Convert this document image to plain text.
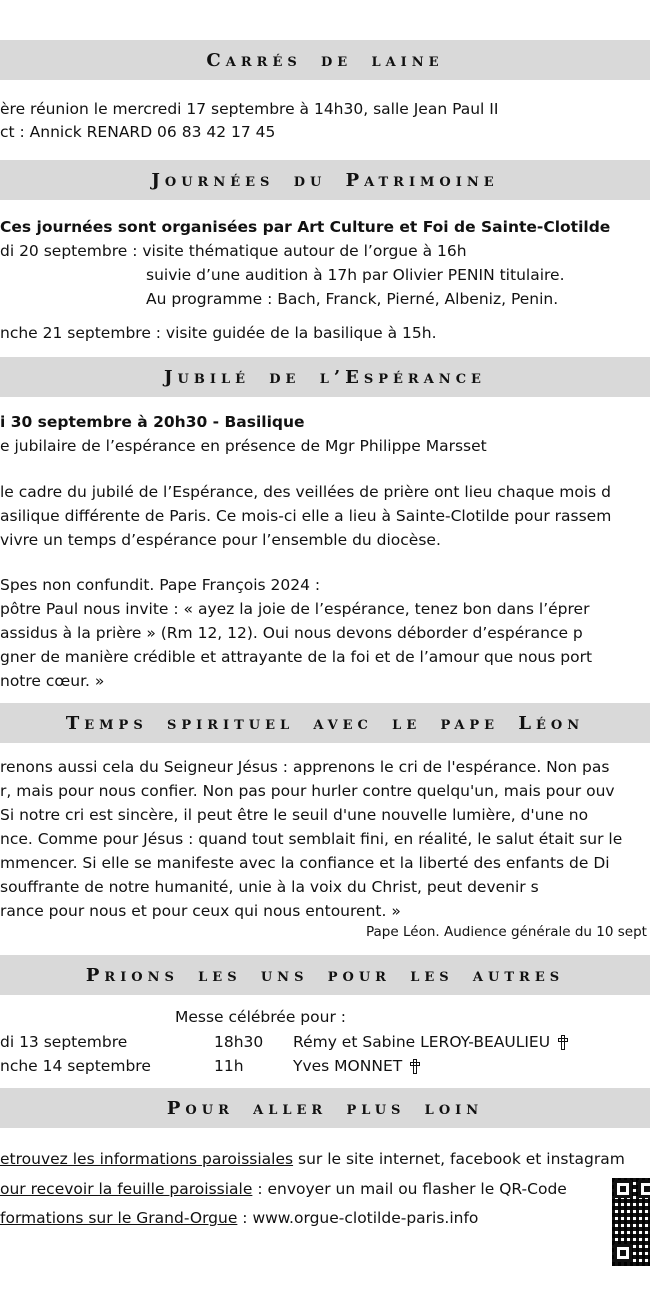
Carrés de laine
ère réunion le mercredi 17 septembre à 14h30, salle Jean Paul II
ct : Annick RENARD 06 83 42 17 45
Journées du Patrimoine
Ces journées sont organisées par Art Culture et Foi de Sainte-Clotilde
di 20 septembre : visite thématique autour de l’orgue à 16h
suivie d’une audition à 17h par Olivier PENIN titulaire.
Au programme : Bach, Franck, Pierné, Albeniz, Penin.
nche 21 septembre : visite guidée de la basilique à 15h.
Jubilé de l’Espérance
i 30 septembre à 20h30 - Basilique
e jubilaire de l’espérance en présence de Mgr Philippe Marsset
le cadre du jubilé de l’Espérance, des veillées de prière ont lieu chaque mois d
asilique différente de Paris. Ce mois-ci elle a lieu à Sainte-Clotilde pour rassem
vivre un temps d’espérance pour l’ensemble du diocèse.
Spes non confundit. Pape François 2024 :
pôtre Paul nous invite : « ayez la joie de l’espérance, tenez bon dans l’éprer
assidus à la prière » (Rm 12, 12). Oui nous devons déborder d’espérance p
gner de manière crédible et attrayante de la foi et de l’amour que nous port
notre cœur. »
Temps spirituel avec le pape Léon
renons aussi cela du Seigneur Jésus : apprenons le cri de l'espérance. Non pas
r, mais pour nous confier. Non pas pour hurler contre quelqu'un, mais pour ouv
Si notre cri est sincère, il peut être le seuil d'une nouvelle lumière, d'une no
nce. Comme pour Jésus : quand tout semblait fini, en réalité, le salut était sur le
mmencer. Si elle se manifeste avec la confiance et la liberté des enfants de Di
souffrante de notre humanité, unie à la voix du Christ, peut devenir s
rance pour nous et pour ceux qui nous entourent. »
Pape Léon. Audience générale du 10 sept
Prions les uns pour les autres
Messe célébrée pour :
di 13 septembre	18h30 Rémy et Sabine LEROY-BEAULIEU
nche 14 septembre	11h	Yves MONNET
Pour aller plus loin
etrouvez les informations paroissiales sur le site internet, facebook et instagram
our recevoir la feuille paroissiale : envoyer un mail ou flasher le QR-Code
formations sur le Grand-Orgue : www.orgue-clotilde-paris.info
